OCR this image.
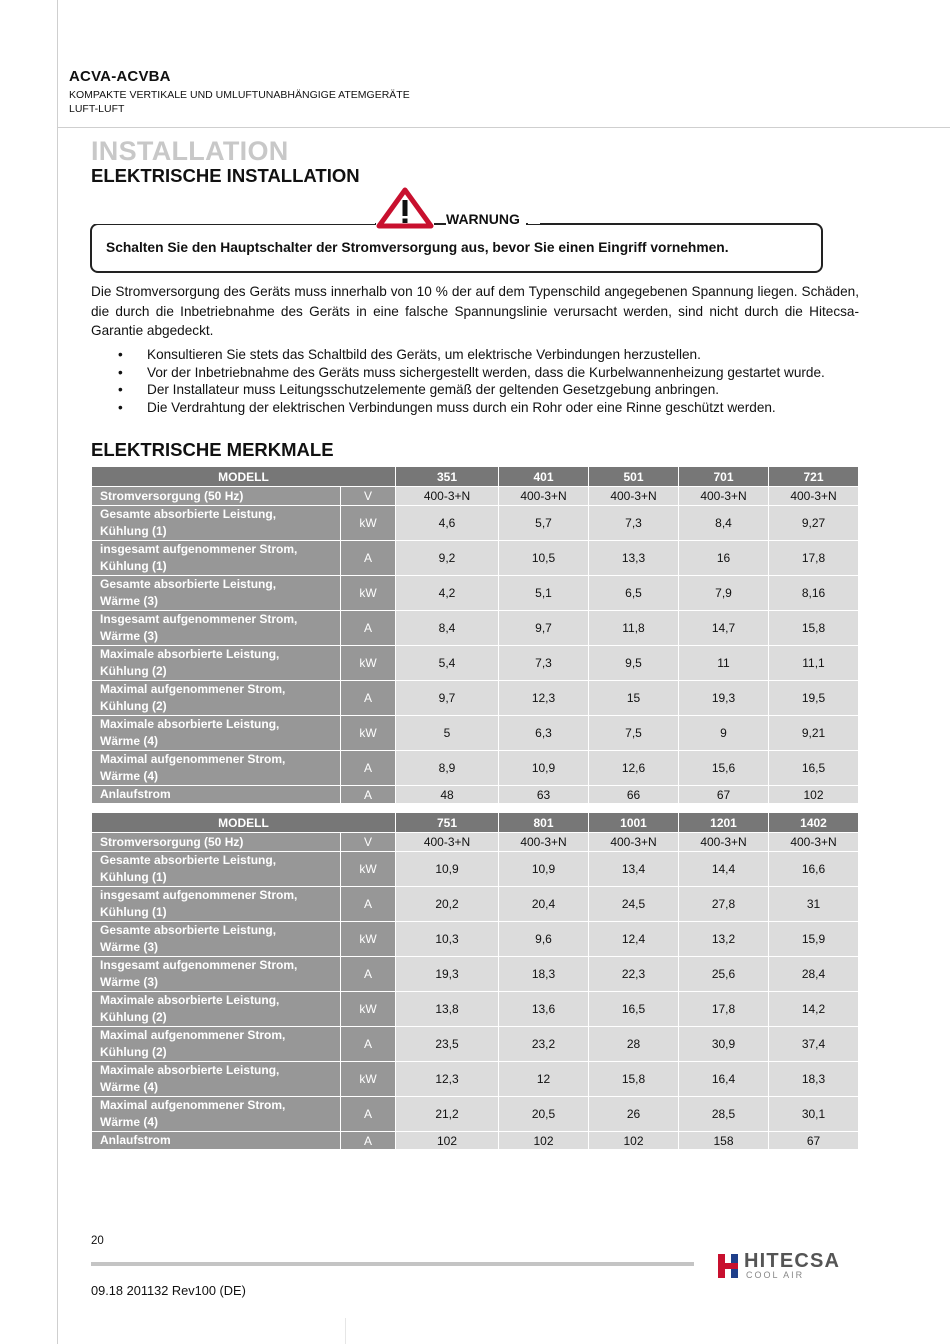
ACVA-ACVBA
KOMPAKTE VERTIKALE UND UMLUFTUNABHÄNGIGE ATEMGERÄTE
LUFT-LUFT
INSTALLATION
ELEKTRISCHE INSTALLATION
WARNUNG
Schalten Sie den Hauptschalter der Stromversorgung aus, bevor Sie einen Eingriff vornehmen.
Die Stromversorgung des Geräts muss innerhalb von 10 % der auf dem Typenschild angegebenen Spannung liegen. Schäden, die durch die Inbetriebnahme des Geräts in eine falsche Spannungslinie verursacht werden, sind nicht durch die Hitecsa-Garantie abgedeckt.
• Konsultieren Sie stets das Schaltbild des Geräts, um elektrische Verbindungen herzustellen.
• Vor der Inbetriebnahme des Geräts muss sichergestellt werden, dass die Kurbelwannenheizung gestartet wurde.
• Der Installateur muss Leitungsschutzelemente gemäß der geltenden Gesetzgebung anbringen.
• Die Verdrahtung der elektrischen Verbindungen muss durch ein Rohr oder eine Rinne geschützt werden.
ELEKTRISCHE MERKMALE
MODELL		351	401	501	701	721

Stromversorgung (50 Hz)	V	400-3+N	400-3+N	400-3+N	400-3+N	400-3+N

Gesamte absorbierte Leistung,
Kühlung (1)	kW	4,6	5,7	7,3	8,4	9,27

insgesamt aufgenommener Strom,
Kühlung (1)	A	9,2	10,5	13,3	16	17,8

Gesamte absorbierte Leistung,
Wärme (3)	kW	4,2	5,1	6,5	7,9	8,16

Insgesamt aufgenommener Strom,
Wärme (3)	A	8,4	9,7	11,8	14,7	15,8

Maximale absorbierte Leistung,
Kühlung (2)	kW	5,4	7,3	9,5	11	11,1

Maximal aufgenommener Strom,
Kühlung (2)	A	9,7	12,3	15	19,3	19,5

Maximale absorbierte Leistung,
Wärme (4)	kW	5	6,3	7,5	9	9,21

Maximal aufgenommener Strom,
Wärme (4)	A	8,9	10,9	12,6	15,6	16,5

Anlaufstrom	A	48	63	66	67	102
MODELL		751	801	1001	1201	1402

Stromversorgung (50 Hz)	V	400-3+N	400-3+N	400-3+N	400-3+N	400-3+N

Gesamte absorbierte Leistung,
Kühlung (1)	kW	10,9	10,9	13,4	14,4	16,6

insgesamt aufgenommener Strom,
Kühlung (1)	A	20,2	20,4	24,5	27,8	31

Gesamte absorbierte Leistung,
Wärme (3)	kW	10,3	9,6	12,4	13,2	15,9

Insgesamt aufgenommener Strom,
Wärme (3)	A	19,3	18,3	22,3	25,6	28,4

Maximale absorbierte Leistung,
Kühlung (2)	kW	13,8	13,6	16,5	17,8	14,2

Maximal aufgenommener Strom,
Kühlung (2)	A	23,5	23,2	28	30,9	37,4

Maximale absorbierte Leistung,
Wärme (4)	kW	12,3	12	15,8	16,4	18,3

Maximal aufgenommener Strom,
Wärme (4)	A	21,2	20,5	26	28,5	30,1

Anlaufstrom	A	102	102	102	158	67
20
09.18 201132 Rev100 (DE)
HITECSA
COOL AIR
